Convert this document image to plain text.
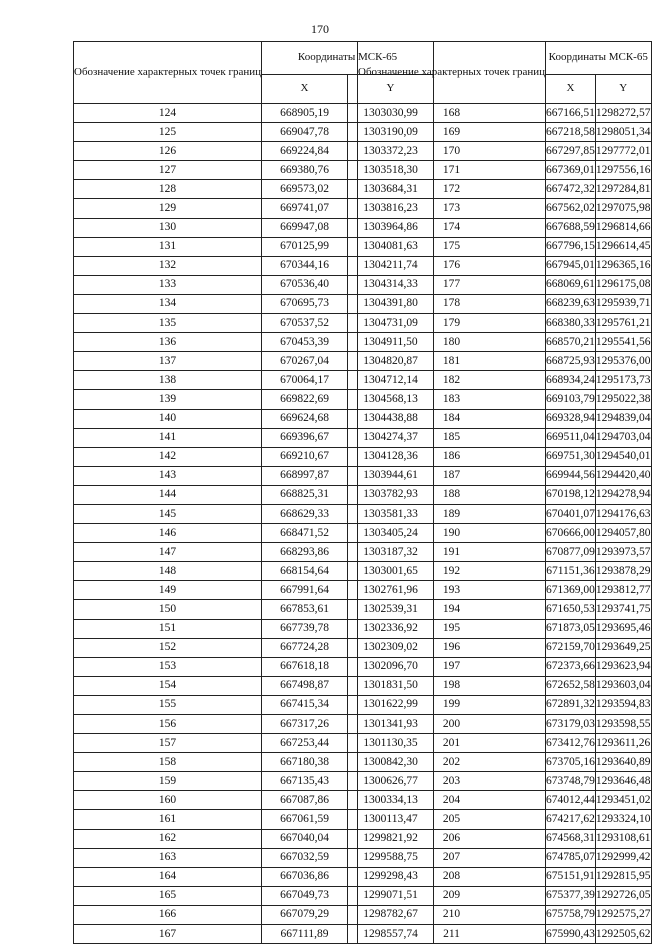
170
Обозначение характерных точек границ	Координаты МСК-65	
	X	Y
124	668905,19	1303030,99
125	669047,78	1303190,09
126	669224,84	1303372,23
127	669380,76	1303518,30
128	669573,02	1303684,31
129	669741,07	1303816,23
130	669947,08	1303964,86
131	670125,99	1304081,63
132	670344,16	1304211,74
133	670536,40	1304314,33
134	670695,73	1304391,80
135	670537,52	1304731,09
136	670453,39	1304911,50
137	670267,04	1304820,87
138	670064,17	1304712,14
139	669822,69	1304568,13
140	669624,68	1304438,88
141	669396,67	1304274,37
142	669210,67	1304128,36
143	668997,87	1303944,61
144	668825,31	1303782,93
145	668629,33	1303581,33
146	668471,52	1303405,24
147	668293,86	1303187,32
148	668154,64	1303001,65
149	667991,64	1302761,96
150	667853,61	1302539,31
151	667739,78	1302336,92
152	667724,28	1302309,02
153	667618,18	1302096,70
154	667498,87	1301831,50
155	667415,34	1301622,99
156	667317,26	1301341,93
157	667253,44	1301130,35
158	667180,38	1300842,30
159	667135,43	1300626,77
160	667087,86	1300334,13
161	667061,59	1300113,47
162	667040,04	1299821,92
163	667032,59	1299588,75
164	667036,86	1299298,43
165	667049,73	1299071,51
166	667079,29	1298782,67
167	667111,89	1298557,74
Обозначение характерных точек границ	Координаты МСК-65	
	X	Y
168	667166,51	1298272,57
169	667218,58	1298051,34
170	667297,85	1297772,01
171	667369,01	1297556,16
172	667472,32	1297284,81
173	667562,02	1297075,98
174	667688,59	1296814,66
175	667796,15	1296614,45
176	667945,01	1296365,16
177	668069,61	1296175,08
178	668239,63	1295939,71
179	668380,33	1295761,21
180	668570,21	1295541,56
181	668725,93	1295376,00
182	668934,24	1295173,73
183	669103,79	1295022,38
184	669328,94	1294839,04
185	669511,04	1294703,04
186	669751,30	1294540,01
187	669944,56	1294420,40
188	670198,12	1294278,94
189	670401,07	1294176,63
190	670666,00	1294057,80
191	670877,09	1293973,57
192	671151,36	1293878,29
193	671369,00	1293812,77
194	671650,53	1293741,75
195	671873,05	1293695,46
196	672159,70	1293649,25
197	672373,66	1293623,94
198	672652,58	1293603,04
199	672891,32	1293594,83
200	673179,03	1293598,55
201	673412,76	1293611,26
202	673705,16	1293640,89
203	673748,79	1293646,48
204	674012,44	1293451,02
205	674217,62	1293324,10
206	674568,31	1293108,61
207	674785,07	1292999,42
208	675151,91	1292815,95
209	675377,39	1292726,05
210	675758,79	1292575,27
211	675990,43	1292505,62
